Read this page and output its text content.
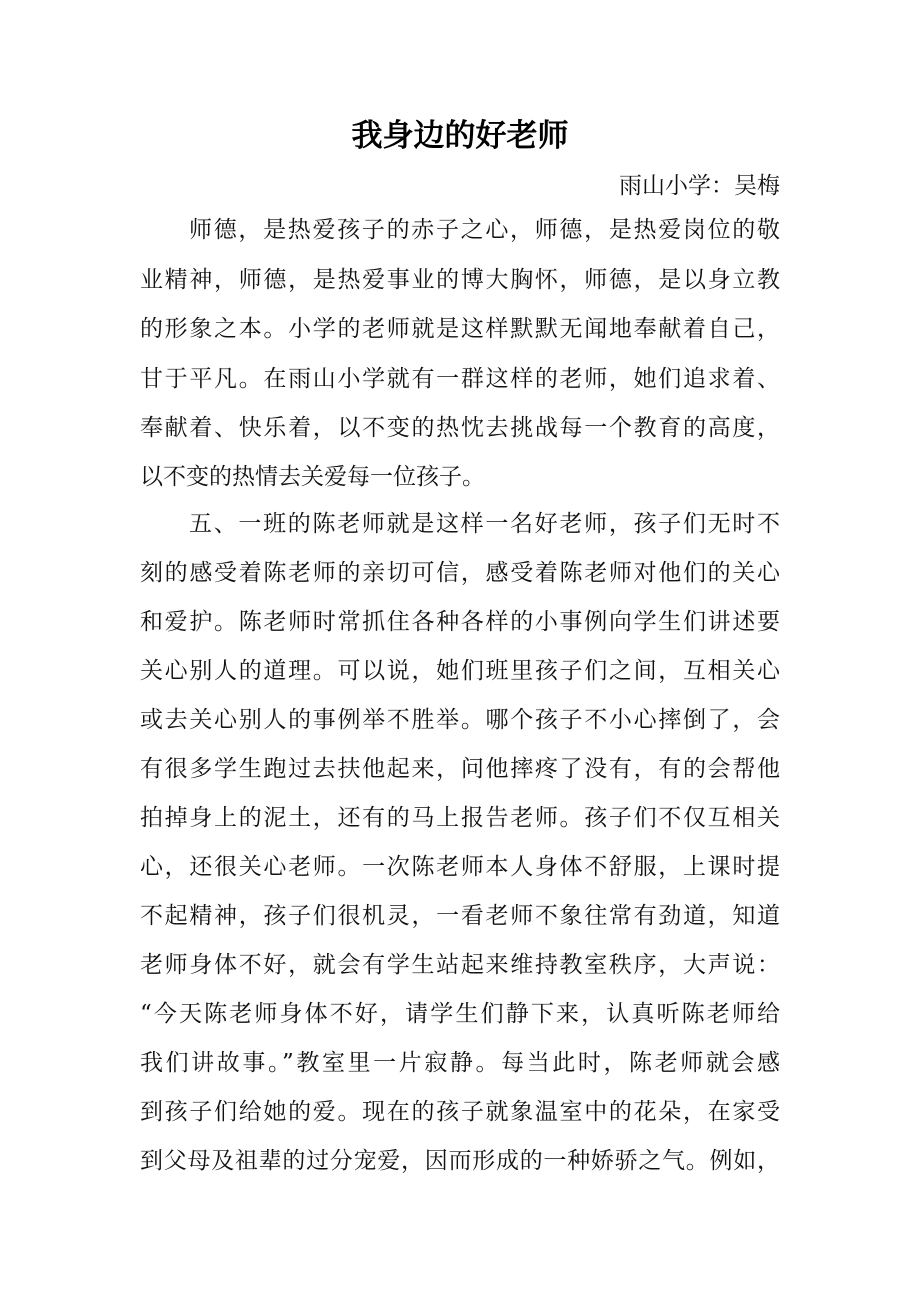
我身边的好老师
雨山小学：吴梅
师德，是热爱孩子的赤子之心，师德，是热爱岗位的敬
业精神，师德，是热爱事业的博大胸怀，师德，是以身立教
的形象之本。小学的老师就是这样默默无闻地奉献着自己，
甘于平凡。在雨山小学就有一群这样的老师，她们追求着、
奉献着、快乐着，以不变的热忱去挑战每一个教育的高度，
以不变的热情去关爱每一位孩子。
五、一班的陈老师就是这样一名好老师，孩子们无时不
刻的感受着陈老师的亲切可信，感受着陈老师对他们的关心
和爱护。陈老师时常抓住各种各样的小事例向学生们讲述要
关心别人的道理。可以说，她们班里孩子们之间，互相关心
或去关心别人的事例举不胜举。哪个孩子不小心摔倒了，会
有很多学生跑过去扶他起来，问他摔疼了没有，有的会帮他
拍掉身上的泥土，还有的马上报告老师。孩子们不仅互相关
心，还很关心老师。一次陈老师本人身体不舒服，上课时提
不起精神，孩子们很机灵，一看老师不象往常有劲道，知道
老师身体不好，就会有学生站起来维持教室秩序，大声说：
“今天陈老师身体不好，请学生们静下来，认真听陈老师给
我们讲故事。”教室里一片寂静。每当此时，陈老师就会感
到孩子们给她的爱。现在的孩子就象温室中的花朵，在家受
到父母及祖辈的过分宠爱，因而形成的一种娇骄之气。例如，
